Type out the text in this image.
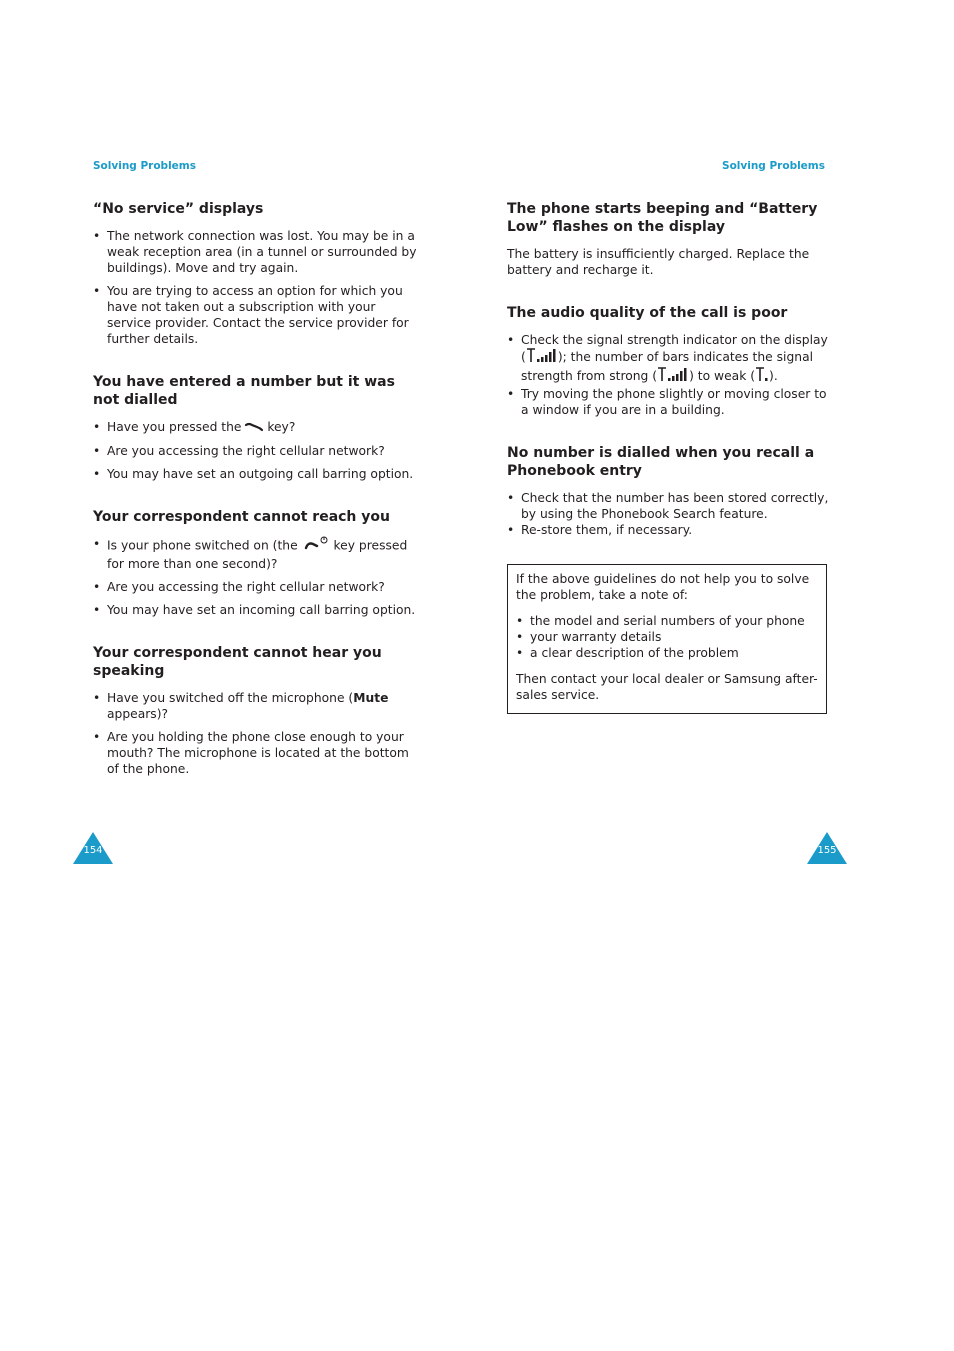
Solving Problems	Solving Problems
“No service” displays
• The network connection was lost. You may be in a weak reception area (in a tunnel or surrounded by buildings). Move and try again.
• You are trying to access an option for which you have not taken out a subscription with your service provider. Contact the service provider for further details.
You have entered a number but it was not dialled
• Have you pressed the key?
• Are you accessing the right cellular network?
• You may have set an outgoing call barring option.
Your correspondent cannot reach you
• Is your phone switched on (the	key pressed for more than one second)?
• Are you accessing the right cellular network?
• You may have set an incoming call barring option.
Your correspondent cannot hear you speaking
• Have you switched off the microphone (Mute appears)?
• Are you holding the phone close enough to your mouth? The microphone is located at the bottom of the phone.
The phone starts beeping and “Battery Low” flashes on the display

The battery is insufficiently charged. Replace the battery and recharge it.

The audio quality of the call is poor
• Check the signal strength indicator on the display (	); the number of bars indicates the signal strength from strong (	) to weak ( ).
• Try moving the phone slightly or moving closer to a window if you are in a building.
No number is dialled when you recall a Phonebook entry
• Check that the number has been stored correctly, by using the Phonebook Search feature.
• Re-store them, if necessary.

If the above guidelines do not help you to solve the problem, take a note of:

• the model and serial numbers of your phone
• your warranty details
• a clear description of the problem

Then contact your local dealer or Samsung after-sales service.

154	155
